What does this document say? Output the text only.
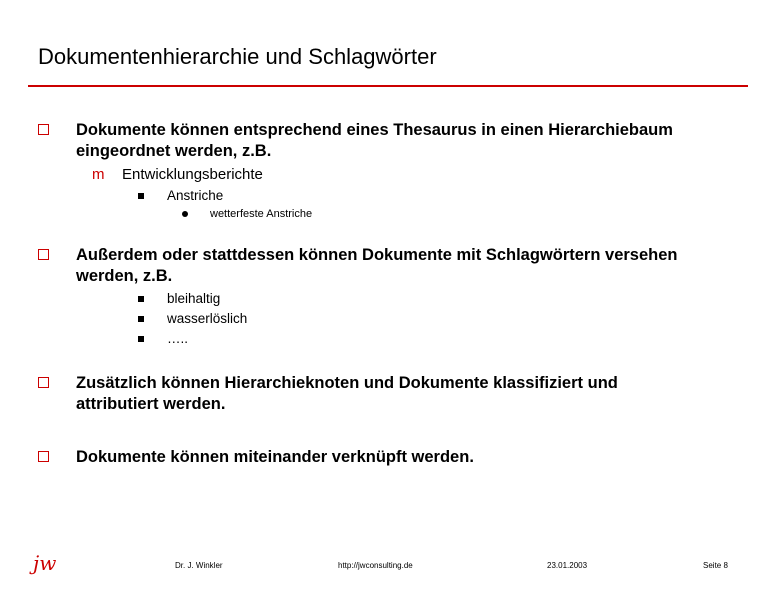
Dokumentenhierarchie und Schlagwörter
Dokumente können entsprechend eines Thesaurus in einen Hierarchiebaum
eingeordnet werden, z.B.
m Entwicklungsberichte
Anstriche
wetterfeste Anstriche
Außerdem oder stattdessen können Dokumente mit Schlagwörtern versehen
werden, z.B.
bleihaltig
wasserlöslich
…..
Zusätzlich können Hierarchieknoten und Dokumente klassifiziert und
attributiert werden.
Dokumente können miteinander verknüpft werden.
jw	Dr. J. Winkler	http://jwconsulting.de	23.01.2003	Seite 8
